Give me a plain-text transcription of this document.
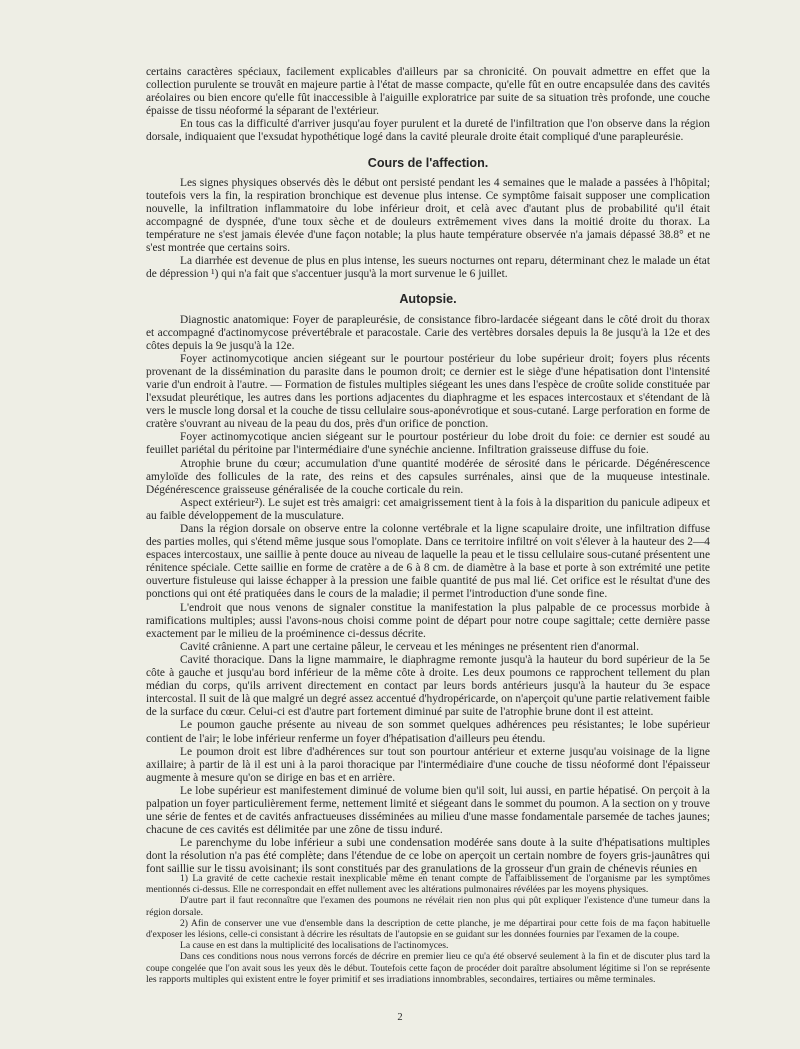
certains caractères spéciaux, facilement explicables d'ailleurs par sa chronicité. On pouvait admettre en effet que la collection purulente se trouvât en majeure partie à l'état de masse compacte, qu'elle fût en outre encapsulée dans des cavités aréolaires ou bien encore qu'elle fût inaccessible à l'aiguille exploratrice par suite de sa situation très profonde, une couche épaisse de tissu néoformé la séparant de l'extérieur.

En tous cas la difficulté d'arriver jusqu'au foyer purulent et la dureté de l'infiltration que l'on observe dans la région dorsale, indiquaient que l'exsudat hypothétique logé dans la cavité pleurale droite était compliqué d'une parapleurésie.

Cours de l'affection.

Les signes physiques observés dès le début ont persisté pendant les 4 semaines que le malade a passées à l'hôpital; toutefois vers la fin, la respiration bronchique est devenue plus intense. Ce symptôme faisait supposer une complication nouvelle, la infiltration inflammatoire du lobe inférieur droit, et celà avec d'autant plus de probabilité qu'il était accompagné de dyspnée, d'une toux sèche et de douleurs extrêmement vives dans la moitié droite du thorax. La température ne s'est jamais élevée d'une façon notable; la plus haute température observée n'a jamais dépassé 38.8° et ne s'est montrée que certains soirs.

La diarrhée est devenue de plus en plus intense, les sueurs nocturnes ont reparu, déterminant chez le malade un état de dépression ¹) qui n'a fait que s'accentuer jusqu'à la mort survenue le 6 juillet.

Autopsie.

Diagnostic anatomique: Foyer de parapleurésie, de consistance fibro-lardacée siégeant dans le côté droit du thorax et accompagné d'actinomycose prévertébrale et paracostale. Carie des vertèbres dorsales depuis la 8e jusqu'à la 12e et des côtes depuis la 9e jusqu'à la 12e.

Foyer actinomycotique ancien siégeant sur le pourtour postérieur du lobe supérieur droit; foyers plus récents provenant de la dissémination du parasite dans le poumon droit; ce dernier est le siège d'une hépatisation dont l'intensité varie d'un endroit à l'autre. — Formation de fistules multiples siégeant les unes dans l'espèce de croûte solide constituée par l'exsudat pleurétique, les autres dans les portions adjacentes du diaphragme et les espaces intercostaux et s'étendant de là vers le muscle long dorsal et la couche de tissu cellulaire sous-aponévrotique et sous-cutané. Large perforation en forme de cratère s'ouvrant au niveau de la peau du dos, près d'un orifice de ponction.

Foyer actinomycotique ancien siégeant sur le pourtour postérieur du lobe droit du foie: ce dernier est soudé au feuillet pariétal du péritoine par l'intermédiaire d'une synéchie ancienne. Infiltration graisseuse diffuse du foie.

Atrophie brune du cœur; accumulation d'une quantité modérée de sérosité dans le péricarde. Dégénérescence amyloïde des follicules de la rate, des reins et des capsules surrénales, ainsi que de la muqueuse intestinale. Dégénérescence graisseuse généralisée de la couche corticale du rein.

Aspect extérieur²). Le sujet est très amaigri: cet amaigrissement tient à la fois à la disparition du panicule adipeux et au faible développement de la musculature.

Dans la région dorsale on observe entre la colonne vertébrale et la ligne scapulaire droite, une infiltration diffuse des parties molles, qui s'étend même jusque sous l'omoplate. Dans ce territoire infiltré on voit s'élever à la hauteur des 2—4 espaces intercostaux, une saillie à pente douce au niveau de laquelle la peau et le tissu cellulaire sous-cutané présentent une rénitence spéciale. Cette saillie en forme de cratère a de 6 à 8 cm. de diamètre à la base et porte à son extrémité une petite ouverture fistuleuse qui laisse échapper à la pression une faible quantité de pus mal lié. Cet orifice est le résultat d'une des ponctions qui ont été pratiquées dans le cours de la maladie; il permet l'introduction d'une sonde fine.

L'endroit que nous venons de signaler constitue la manifestation la plus palpable de ce processus morbide à ramifications multiples; aussi l'avons-nous choisi comme point de départ pour notre coupe sagittale; cette dernière passe exactement par le milieu de la proéminence ci-dessus décrite.

Cavité crânienne. A part une certaine pâleur, le cerveau et les méninges ne présentent rien d'anormal.

Cavité thoracique. Dans la ligne mammaire, le diaphragme remonte jusqu'à la hauteur du bord supérieur de la 5e côte à gauche et jusqu'au bord inférieur de la même côte à droite. Les deux poumons ce rapprochent tellement du plan médian du corps, qu'ils arrivent directement en contact par leurs bords antérieurs jusqu'à la hauteur du 3e espace intercostal. Il suit de là que malgré un degré assez accentué d'hydropéricarde, on n'aperçoit qu'une partie relativement faible de la surface du cœur. Celui-ci est d'autre part fortement diminué par suite de l'atrophie brune dont il est atteint.

Le poumon gauche présente au niveau de son sommet quelques adhérences peu résistantes; le lobe supérieur contient de l'air; le lobe inférieur renferme un foyer d'hépatisation d'ailleurs peu étendu.

Le poumon droit est libre d'adhérences sur tout son pourtour antérieur et externe jusqu'au voisinage de la ligne axillaire; à partir de là il est uni à la paroi thoracique par l'intermédiaire d'une couche de tissu néoformé dont l'épaisseur augmente à mesure qu'on se dirige en bas et en arrière.

Le lobe supérieur est manifestement diminué de volume bien qu'il soit, lui aussi, en partie hépatisé. On perçoit à la palpation un foyer particulièrement ferme, nettement limité et siégeant dans le sommet du poumon. A la section on y trouve une série de fentes et de cavités anfractueuses disséminées au milieu d'une masse fondamentale parsemée de taches jaunes; chacune de ces cavités est délimitée par une zône de tissu induré.

Le parenchyme du lobe inférieur a subi une condensation modérée sans doute à la suite d'hépatisations multiples dont la résolution n'a pas été complète; dans l'étendue de ce lobe on aperçoit un certain nombre de foyers gris-jaunâtres qui font saillie sur le tissu avoisinant; ils sont constitués par des granulations de la grosseur d'un grain de chénevis réunies en

1) La gravité de cette cachexie restait inexplicable même en tenant compte de l'affaiblissement de l'organisme par les symptômes mentionnés ci-dessus. Elle ne correspondait en effet nullement avec les altérations pulmonaires révélées par les moyens physiques.

D'autre part il faut reconnaître que l'examen des poumons ne révélait rien non plus qui pût expliquer l'existence d'une tumeur dans la région dorsale.

2) Afin de conserver une vue d'ensemble dans la description de cette planche, je me départirai pour cette fois de ma façon habituelle d'exposer les lésions, celle-ci consistant à décrire les résultats de l'autopsie en se guidant sur les données fournies par l'examen de la coupe.

La cause en est dans la multiplicité des localisations de l'actinomyces.

Dans ces conditions nous nous verrons forcés de décrire en premier lieu ce qu'a été observé seulement à la fin et de discuter plus tard la coupe congelée que l'on avait sous les yeux dès le début. Toutefois cette façon de procéder doit paraître absolument légitime si l'on se représente les rapports multiples qui existent entre le foyer primitif et ses irradiations innombrables, secondaires, tertiaires ou même terminales.

2
